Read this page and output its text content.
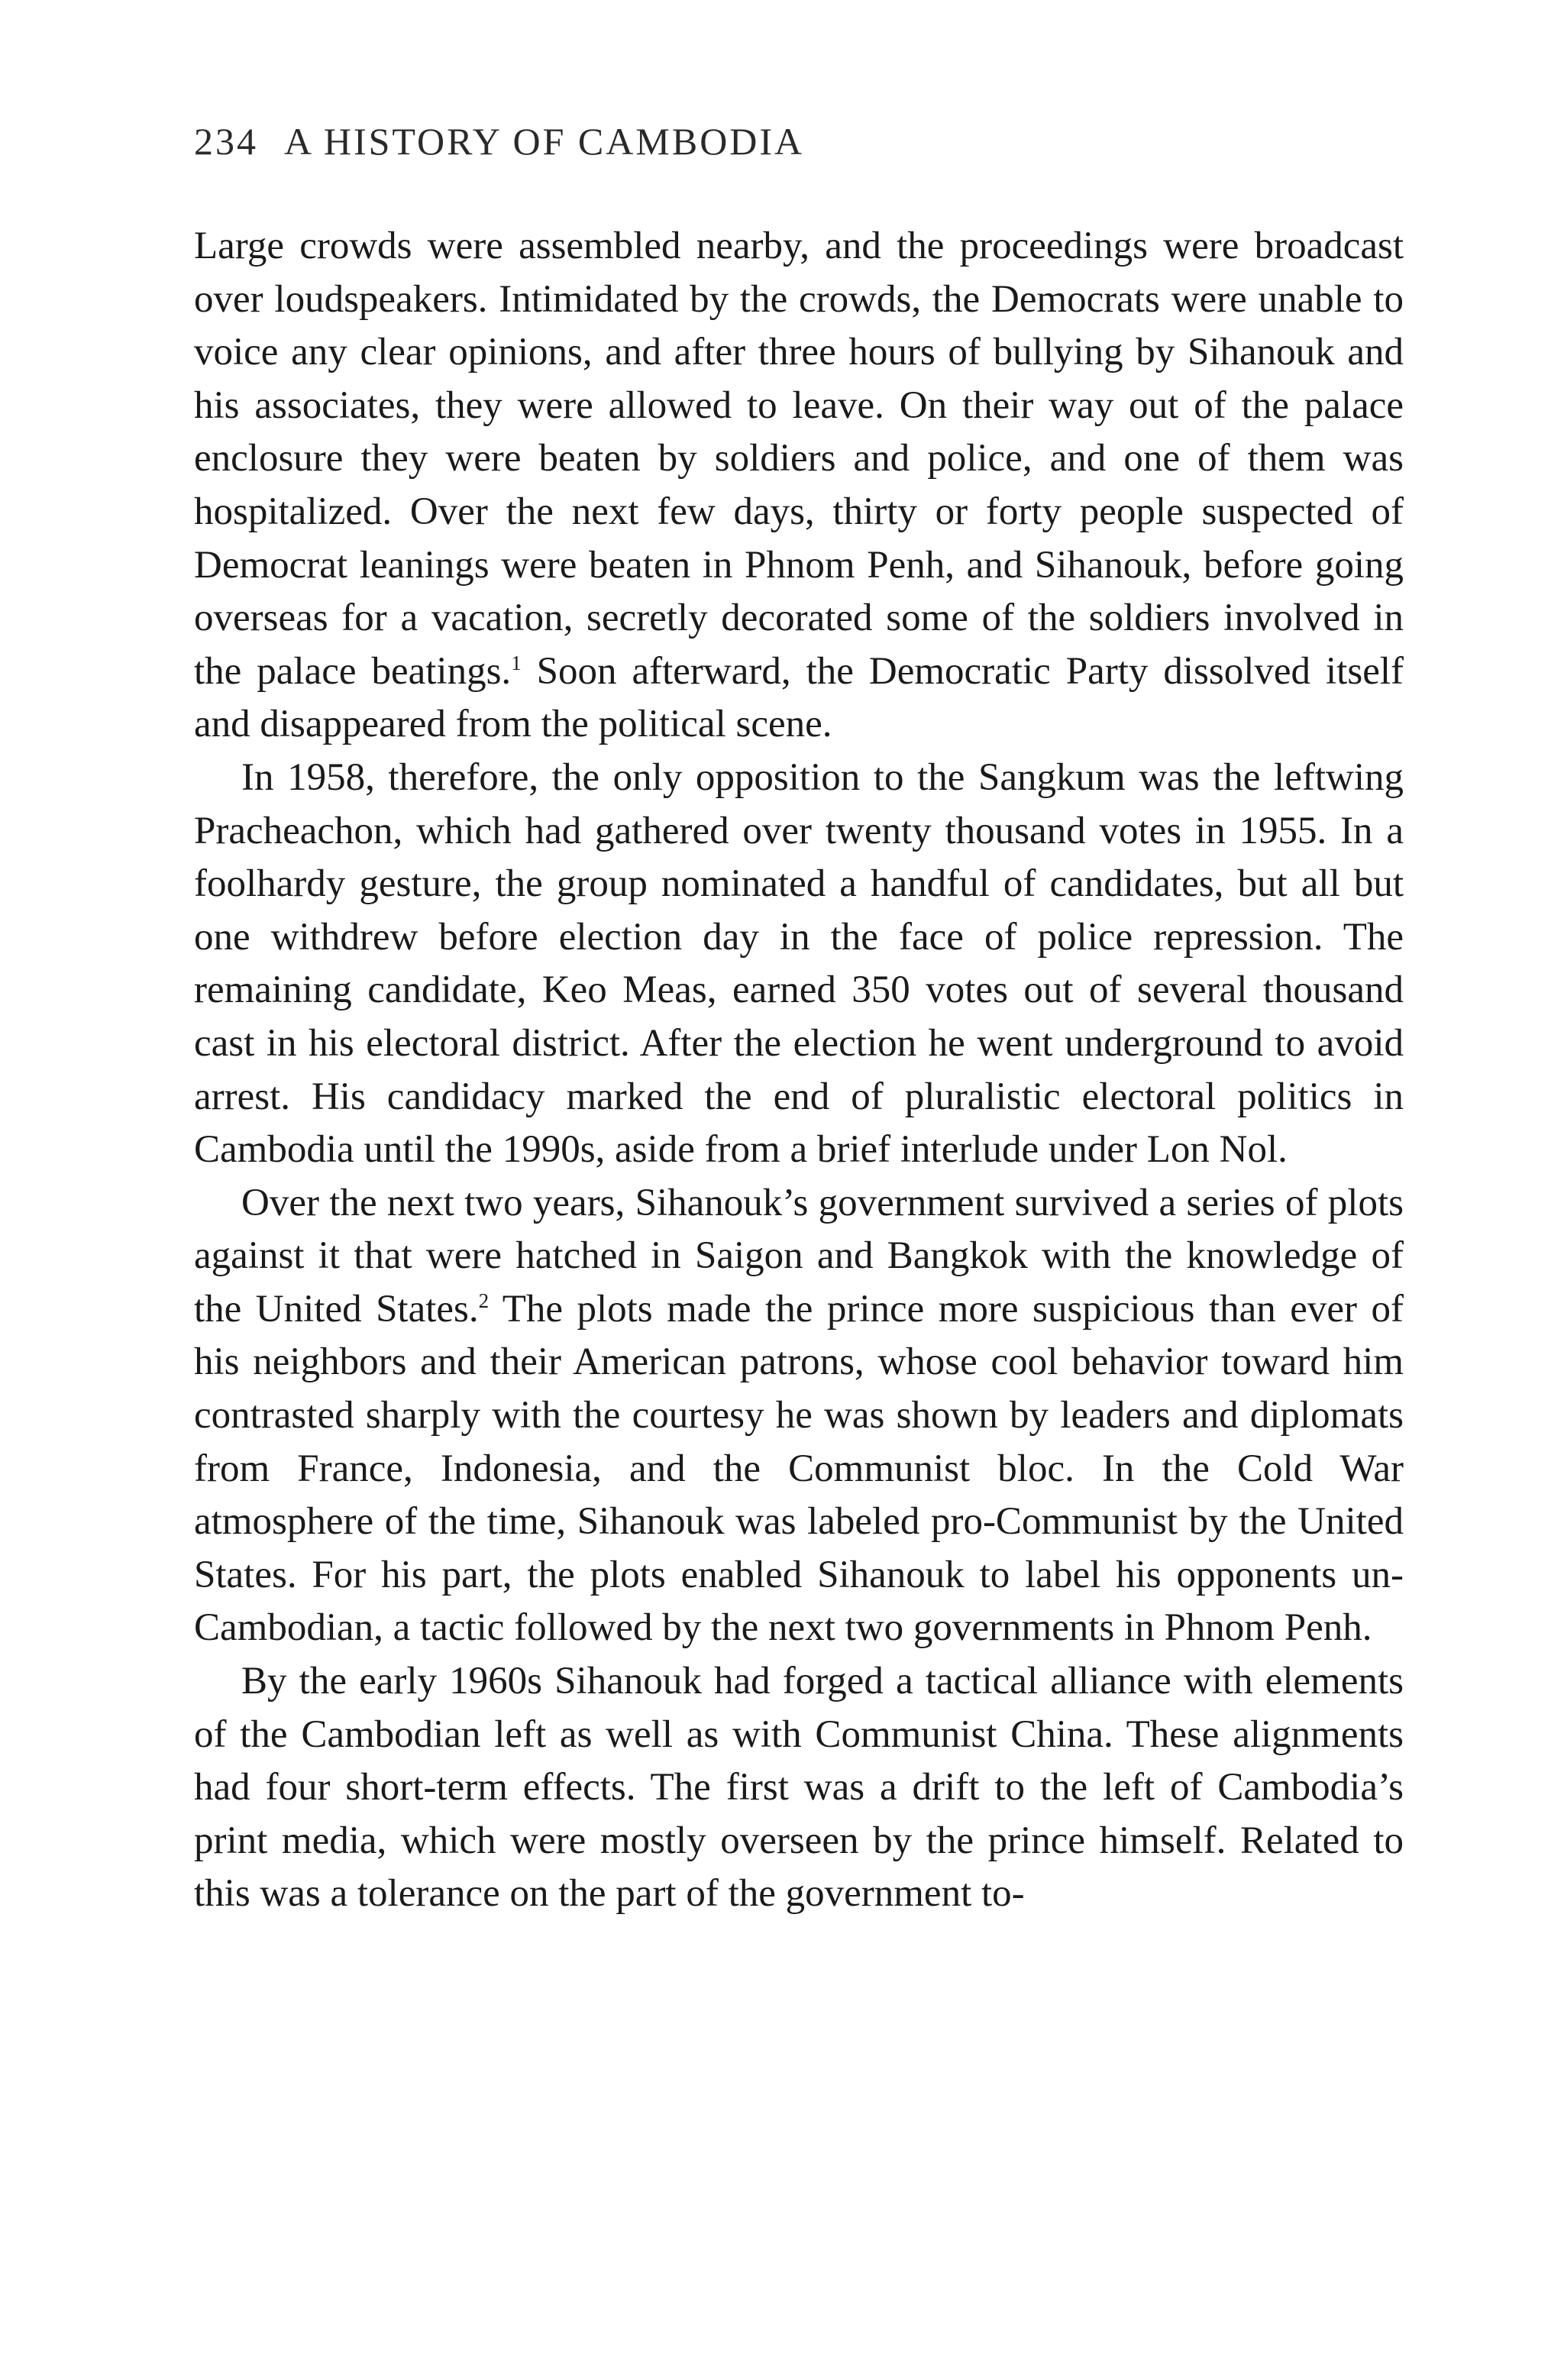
234 A HISTORY OF CAMBODIA

Large crowds were assembled nearby, and the proceedings were broadcast over loudspeakers. Intimidated by the crowds, the Democrats were unable to voice any clear opinions, and after three hours of bullying by Sihanouk and his associates, they were allowed to leave. On their way out of the palace enclosure they were beaten by soldiers and police, and one of them was hospitalized. Over the next few days, thirty or forty people suspected of Democrat leanings were beaten in Phnom Penh, and Sihanouk, before going overseas for a vacation, secretly decorated some of the soldiers involved in the palace beatings.$^1$ Soon afterward, the Democratic Party dissolved itself and disappeared from the political scene.

In 1958, therefore, the only opposition to the Sangkum was the leftwing Pracheachon, which had gathered over twenty thousand votes in 1955. In a foolhardy gesture, the group nominated a handful of candidates, but all but one withdrew before election day in the face of police repression. The remaining candidate, Keo Meas, earned 350 votes out of several thousand cast in his electoral district. After the election he went underground to avoid arrest. His candidacy marked the end of pluralistic electoral politics in Cambodia until the 1990s, aside from a brief interlude under Lon Nol.

Over the next two years, Sihanouk’s government survived a series of plots against it that were hatched in Saigon and Bangkok with the knowledge of the United States.$^2$ The plots made the prince more suspicious than ever of his neighbors and their American patrons, whose cool behavior toward him contrasted sharply with the courtesy he was shown by leaders and diplomats from France, Indonesia, and the Communist bloc. In the Cold War atmosphere of the time, Sihanouk was labeled pro-Communist by the United States. For his part, the plots enabled Sihanouk to label his opponents un-Cambodian, a tactic followed by the next two governments in Phnom Penh.

By the early 1960s Sihanouk had forged a tactical alliance with elements of the Cambodian left as well as with Communist China. These alignments had four short-term effects. The first was a drift to the left of Cambodia’s print media, which were mostly overseen by the prince himself. Related to this was a tolerance on the part of the government to-
